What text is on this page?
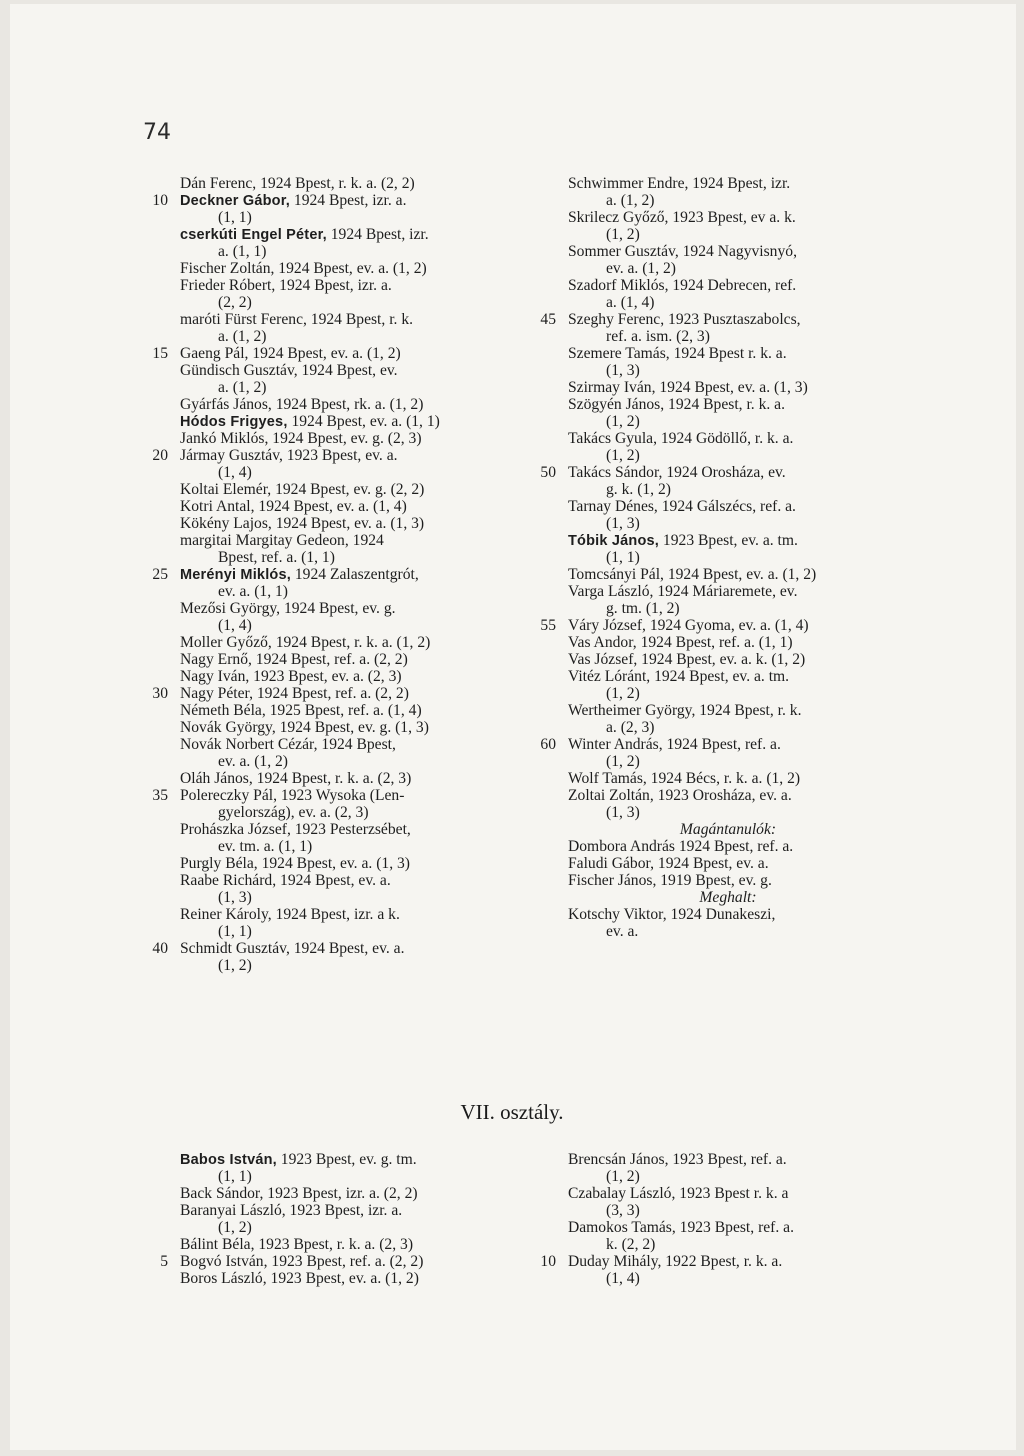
74
Dán Ferenc, 1924 Bpest, r. k. a. (2, 2)
10 Deckner Gábor, 1924 Bpest, izr. a.
(1, 1)
cserkúti Engel Péter, 1924 Bpest, izr.
a. (1, 1)
Fischer Zoltán, 1924 Bpest, ev. a. (1, 2)
Frieder Róbert, 1924 Bpest, izr. a.
(2, 2)
maróti Fürst Ferenc, 1924 Bpest, r. k.
a. (1, 2)
15 Gaeng Pál, 1924 Bpest, ev. a. (1, 2)
Gündisch Gusztáv, 1924 Bpest, ev.
a. (1, 2)
Gyárfás János, 1924 Bpest, rk. a. (1, 2)
Hódos Frigyes, 1924 Bpest, ev. a. (1, 1)
Jankó Miklós, 1924 Bpest, ev. g. (2, 3)
20 Jármay Gusztáv, 1923 Bpest, ev. a.
(1, 4)
Koltai Elemér, 1924 Bpest, ev. g. (2, 2)
Kotri Antal, 1924 Bpest, ev. a. (1, 4)
Kökény Lajos, 1924 Bpest, ev. a. (1, 3)
margitai Margitay Gedeon, 1924
Bpest, ref. a. (1, 1)
25 Merényi Miklós, 1924 Zalaszentgrót,
ev. a. (1, 1)
Mezősi György, 1924 Bpest, ev. g.
(1, 4)
Moller Győző, 1924 Bpest, r. k. a. (1, 2)
Nagy Ernő, 1924 Bpest, ref. a. (2, 2)
Nagy Iván, 1923 Bpest, ev. a. (2, 3)
30 Nagy Péter, 1924 Bpest, ref. a. (2, 2)
Németh Béla, 1925 Bpest, ref. a. (1, 4)
Novák György, 1924 Bpest, ev. g. (1, 3)
Novák Norbert Cézár, 1924 Bpest,
ev. a. (1, 2)
Oláh János, 1924 Bpest, r. k. a. (2, 3)
35 Polereczky Pál, 1923 Wysoka (Len-
gyelország), ev. a. (2, 3)
Prohászka József, 1923 Pesterzsébet,
ev. tm. a. (1, 1)
Purgly Béla, 1924 Bpest, ev. a. (1, 3)
Raabe Richárd, 1924 Bpest, ev. a.
(1, 3)
Reiner Károly, 1924 Bpest, izr. a k.
(1, 1)
40 Schmidt Gusztáv, 1924 Bpest, ev. a.
(1, 2)
Schwimmer Endre, 1924 Bpest, izr.
a. (1, 2)
Skrilecz Győző, 1923 Bpest, ev a. k.
(1, 2)
Sommer Gusztáv, 1924 Nagyvisnyó,
ev. a. (1, 2)
Szadorf Miklós, 1924 Debrecen, ref.
a. (1, 4)
45 Szeghy Ferenc, 1923 Pusztaszabolcs,
ref. a. ism. (2, 3)
Szemere Tamás, 1924 Bpest r. k. a.
(1, 3)
Szirmay Iván, 1924 Bpest, ev. a. (1, 3)
Szögyén János, 1924 Bpest, r. k. a.
(1, 2)
Takács Gyula, 1924 Gödöllő, r. k. a.
(1, 2)
50 Takács Sándor, 1924 Orosháza, ev.
g. k. (1, 2)
Tarnay Dénes, 1924 Gálszécs, ref. a.
(1, 3)
Tóbik János, 1923 Bpest, ev. a. tm.
(1, 1)
Tomcsányi Pál, 1924 Bpest, ev. a. (1, 2)
Varga László, 1924 Máriaremete, ev.
g. tm. (1, 2)
55 Váry József, 1924 Gyoma, ev. a. (1, 4)
Vas Andor, 1924 Bpest, ref. a. (1, 1)
Vas József, 1924 Bpest, ev. a. k. (1, 2)
Vitéz Lóránt, 1924 Bpest, ev. a. tm.
(1, 2)
Wertheimer György, 1924 Bpest, r. k.
a. (2, 3)
60 Winter András, 1924 Bpest, ref. a.
(1, 2)
Wolf Tamás, 1924 Bécs, r. k. a. (1, 2)
Zoltai Zoltán, 1923 Orosháza, ev. a.
(1, 3)
Magántanulók:
Dombora András 1924 Bpest, ref. a.
Faludi Gábor, 1924 Bpest, ev. a.
Fischer János, 1919 Bpest, ev. g.
Meghalt:
Kotschy Viktor, 1924 Dunakeszi,
ev. a.
VII. osztály.
Babos István, 1923 Bpest, ev. g. tm.
(1, 1)
Back Sándor, 1923 Bpest, izr. a. (2, 2)
Baranyai László, 1923 Bpest, izr. a.
(1, 2)
Bálint Béla, 1923 Bpest, r. k. a. (2, 3)
5 Bogvó István, 1923 Bpest, ref. a. (2, 2)
Boros László, 1923 Bpest, ev. a. (1, 2)
Brencsán János, 1923 Bpest, ref. a.
(1, 2)
Czabalay László, 1923 Bpest r. k. a
(3, 3)
Damokos Tamás, 1923 Bpest, ref. a.
k. (2, 2)
10 Duday Mihály, 1922 Bpest, r. k. a.
(1, 4)
